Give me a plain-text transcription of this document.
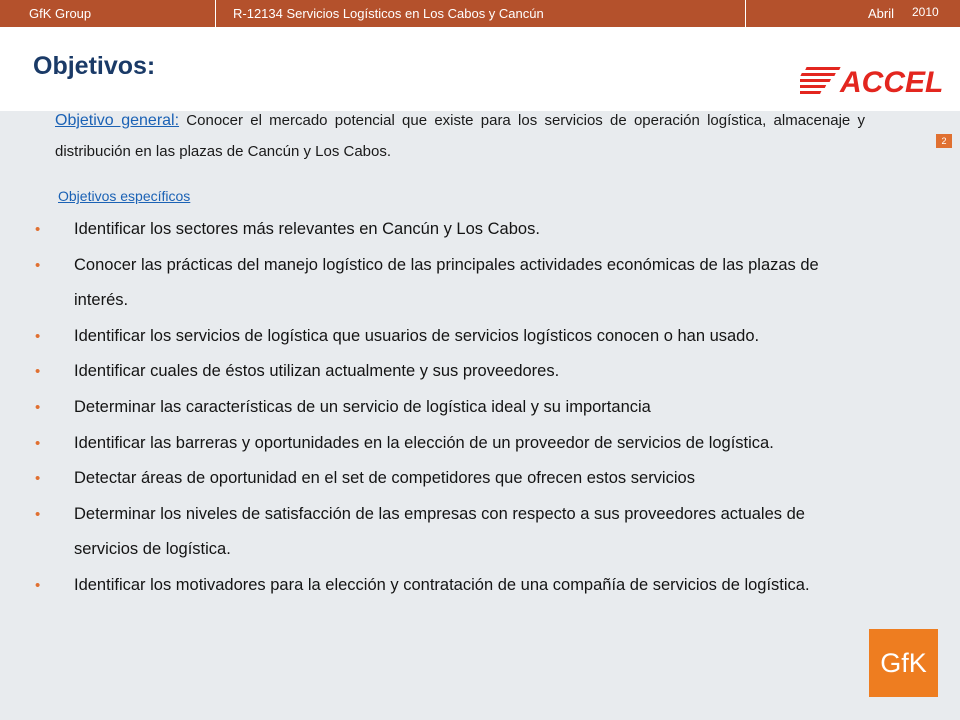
GfK Group	R-12134 Servicios Logísticos en Los Cabos y Cancún	Abril 2010
Objetivos:	ACCEL
2
Objetivo general: Conocer el mercado potencial que existe para los servicios de operación logística, almacenaje y distribución en las plazas de Cancún y Los Cabos.
Objetivos específicos
• Identificar los sectores más relevantes en Cancún y Los Cabos.
• Conocer las prácticas del manejo logístico de las principales actividades económicas de las plazas de interés.
• Identificar los servicios de logística que usuarios de servicios logísticos conocen o han usado.
• Identificar cuales de éstos utilizan actualmente y sus proveedores.
• Determinar las características de un servicio de logística ideal y su importancia
• Identificar las barreras y oportunidades en la elección de un proveedor de servicios de logística.
• Detectar áreas de oportunidad en el set de competidores que ofrecen estos servicios
• Determinar los niveles de satisfacción de las empresas con respecto a sus proveedores actuales de servicios de logística.
• Identificar los motivadores para la elección y contratación de una compañía de servicios de logística.
GfK
